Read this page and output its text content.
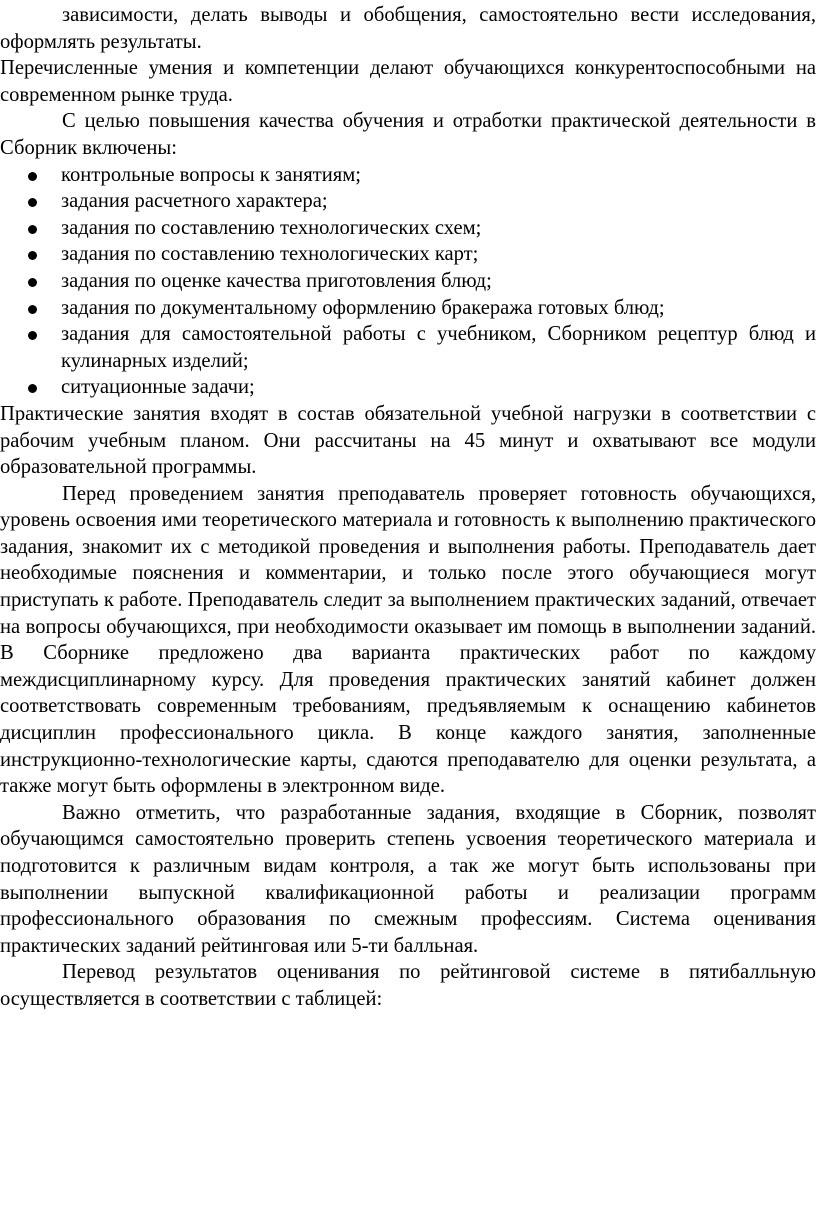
зависимости, делать выводы и обобщения, самостоятельно вести исследования, оформлять результаты.

Перечисленные умения и компетенции делают обучающихся конкурентоспособными на современном рынке труда.

С целью повышения качества обучения и отработки практической деятельности в Сборник включены:

контрольные вопросы к занятиям;
задания расчетного характера;
задания по составлению технологических схем;
задания по составлению технологических карт;
задания по оценке качества приготовления блюд;
задания по документальному оформлению бракеража готовых блюд;
задания для самостоятельной работы с учебником, Сборником рецептур блюд и кулинарных изделий;
ситуационные задачи;

Практические занятия входят в состав обязательной учебной нагрузки в соответствии с рабочим учебным планом. Они рассчитаны на 45 минут и охватывают все модули образовательной программы.

Перед проведением занятия преподаватель проверяет готовность обучающихся, уровень освоения ими теоретического материала и готовность к выполнению практического задания, знакомит их с методикой проведения и выполнения работы. Преподаватель дает необходимые пояснения и комментарии, и только после этого обучающиеся могут приступать к работе. Преподаватель следит за выполнением практических заданий, отвечает на вопросы обучающихся, при необходимости оказывает им помощь в выполнении заданий. В Сборнике предложено два варианта практических работ по каждому междисциплинарному курсу. Для проведения практических занятий кабинет должен соответствовать современным требованиям, предъявляемым к оснащению кабинетов дисциплин профессионального цикла. В конце каждого занятия, заполненные инструкционно-технологические карты, сдаются преподавателю для оценки результата, а также могут быть оформлены в электронном виде.

Важно отметить, что разработанные задания, входящие в Сборник, позволят обучающимся самостоятельно проверить степень усвоения теоретического материала и подготовится к различным видам контроля, а так же могут быть использованы при выполнении выпускной квалификационной работы и реализации программ профессионального образования по смежным профессиям. Система оценивания практических заданий рейтинговая или 5-ти балльная.

Перевод результатов оценивания по рейтинговой системе в пятибалльную осуществляется в соответствии с таблицей:
